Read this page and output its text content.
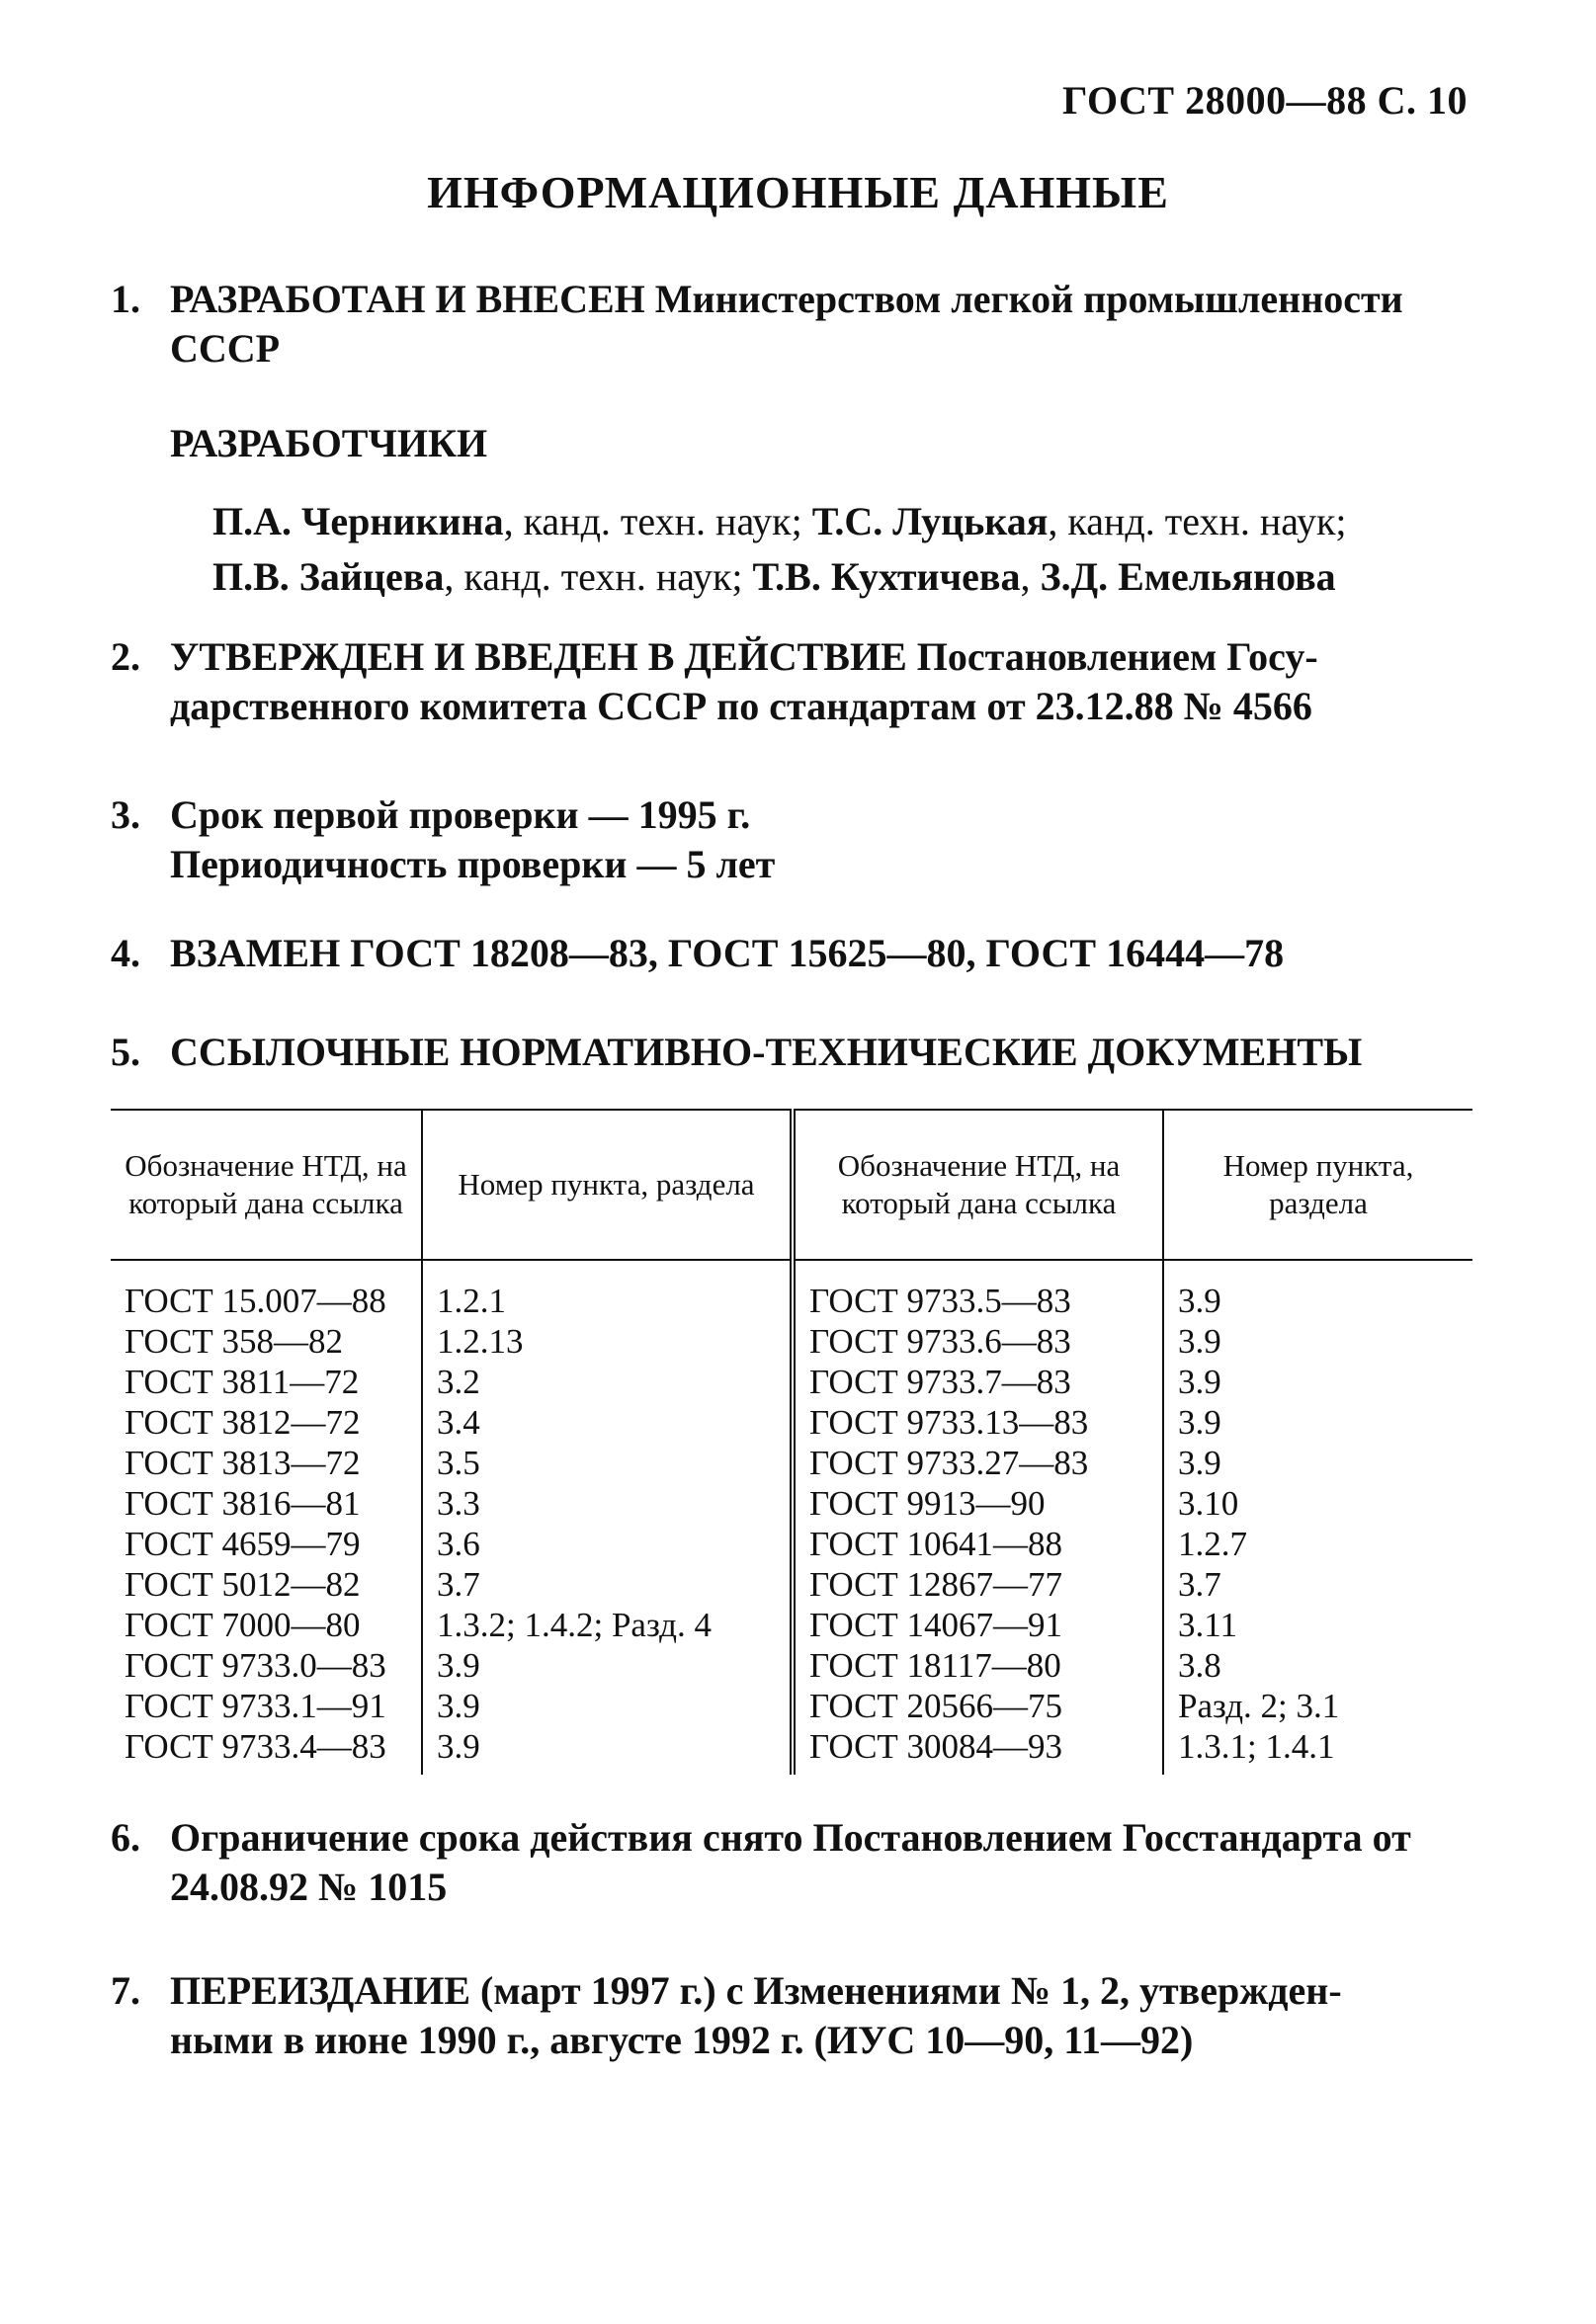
ГОСТ 28000—88 С. 10
ИНФОРМАЦИОННЫЕ ДАННЫЕ
1. РАЗРАБОТАН И ВНЕСЕН Министерством легкой промышленности
СССР
РАЗРАБОТЧИКИ
П.А. Черникина, канд. техн. наук; Т.С. Луцькая, канд. техн. наук;
П.В. Зайцева, канд. техн. наук; Т.В. Кухтичева, З.Д. Емельянова
2. УТВЕРЖДЕН И ВВЕДЕН В ДЕЙСТВИЕ Постановлением Госу-
дарственного комитета СССР по стандартам от 23.12.88 № 4566
3. Срок первой проверки — 1995 г.
Периодичность проверки — 5 лет
4. ВЗАМЕН ГОСТ 18208—83, ГОСТ 15625—80, ГОСТ 16444—78
5. ССЫЛОЧНЫЕ НОРМАТИВНО-ТЕХНИЧЕСКИЕ ДОКУМЕНТЫ
Обозначение НТД, на который дана ссылка	Номер пункта, раздела	Обозначение НТД, на который дана ссылка	Номер пункта, раздела
ГОСТ 15.007—88	1.2.1	ГОСТ 9733.5—83	3.9
ГОСТ 358—82	1.2.13	ГОСТ 9733.6—83	3.9
ГОСТ 3811—72	3.2	ГОСТ 9733.7—83	3.9
ГОСТ 3812—72	3.4	ГОСТ 9733.13—83	3.9
ГОСТ 3813—72	3.5	ГОСТ 9733.27—83	3.9
ГОСТ 3816—81	3.3	ГОСТ 9913—90	3.10
ГОСТ 4659—79	3.6	ГОСТ 10641—88	1.2.7
ГОСТ 5012—82	3.7	ГОСТ 12867—77	3.7
ГОСТ 7000—80	1.3.2; 1.4.2; Разд. 4	ГОСТ 14067—91	3.11
ГОСТ 9733.0—83	3.9	ГОСТ 18117—80	3.8
ГОСТ 9733.1—91	3.9	ГОСТ 20566—75	Разд. 2; 3.1
ГОСТ 9733.4—83	3.9	ГОСТ 30084—93	1.3.1; 1.4.1
6. Ограничение срока действия снято Постановлением Госстандарта от
24.08.92 № 1015
7. ПЕРЕИЗДАНИЕ (март 1997 г.) с Изменениями № 1, 2, утвержден-
ными в июне 1990 г., августе 1992 г. (ИУС 10—90, 11—92)
